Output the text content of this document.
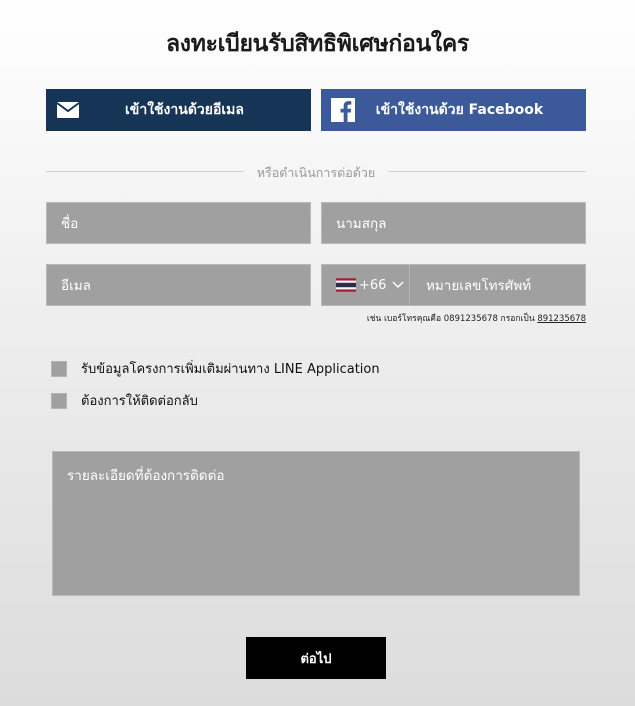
ลงทะเบียนรับสิทธิพิเศษก่อนใคร
เข้าใช้งานด้วยอีเมล	เข้าใช้งานด้วย Facebook
หรือดำเนินการต่อด้วย
ชื่อ	นามสกุล
อีเมล	+66	หมายเลขโทรศัพท์
เช่น เบอร์โทรคุณคือ 0891235678 กรอกเป็น 891235678
รับข้อมูลโครงการเพิ่มเติมผ่านทาง LINE Application
ต้องการให้ติดต่อกลับ
รายละเอียดที่ต้องการติดต่อ
ต่อไป
